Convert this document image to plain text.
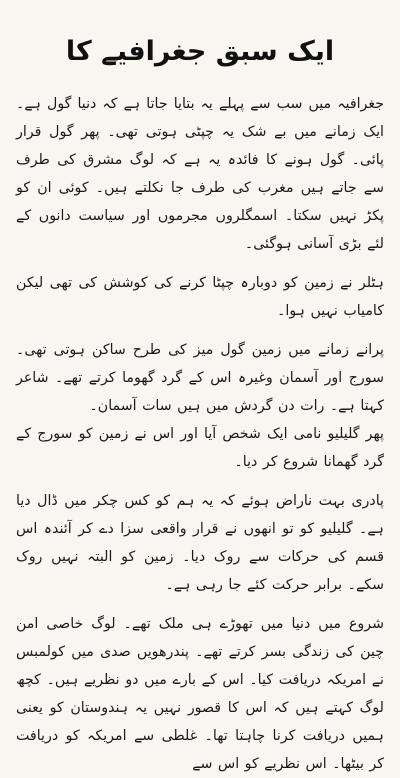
ایک سبق جغرافیے کا

جغرافیہ میں سب سے پہلے یہ بتایا جاتا ہے کہ دنیا گول ہے۔ ایک زمانے میں بے شک یہ چپٹی ہوتی تھی۔ پھر گول قرار پائی۔ گول ہونے کا فائدہ یہ ہے کہ لوگ مشرق کی طرف سے جاتے ہیں مغرب کی طرف جا نکلتے ہیں۔ کوئی ان کو پکڑ نہیں سکتا۔ اسمگلروں مجرموں اور سیاست دانوں کے لئے بڑی آسانی ہوگئی۔

ہٹلر نے زمین کو دوبارہ چپٹا کرنے کی کوشش کی تھی لیکن کامیاب نہیں ہوا۔

پرانے زمانے میں زمین گول میز کی طرح ساکن ہوتی تھی۔ سورج اور آسمان وغیرہ اس کے گرد گھوما کرتے تھے۔ شاعر کہتا ہے۔ رات دن گردش میں ہیں سات آسمان۔

پھر گلیلیو نامی ایک شخص آیا اور اس نے زمین کو سورج کے گرد گھمانا شروع کر دیا۔

پادری بہت ناراض ہوئے کہ یہ ہم کو کس چکر میں ڈال دیا ہے۔ گلیلیو کو تو انھوں نے قرار واقعی سزا دے کر آئندہ اس قسم کی حرکات سے روک دیا۔ زمین کو البتہ نہیں روک سکے۔ برابر حرکت کئے جا رہی ہے۔

شروع میں دنیا میں تھوڑے ہی ملک تھے۔ لوگ خاصی امن چین کی زندگی بسر کرتے تھے۔ پندرھویں صدی میں کولمبس نے امریکہ دریافت کیا۔ اس کے بارے میں دو نظریے ہیں۔ کچھ لوگ کہتے ہیں کہ اس کا قصور نہیں یہ ہندوستان کو یعنی ہمیں دریافت کرنا چاہتا تھا۔ غلطی سے امریکہ کو دریافت کر بیٹھا۔ اس نظریے کو اس سے
